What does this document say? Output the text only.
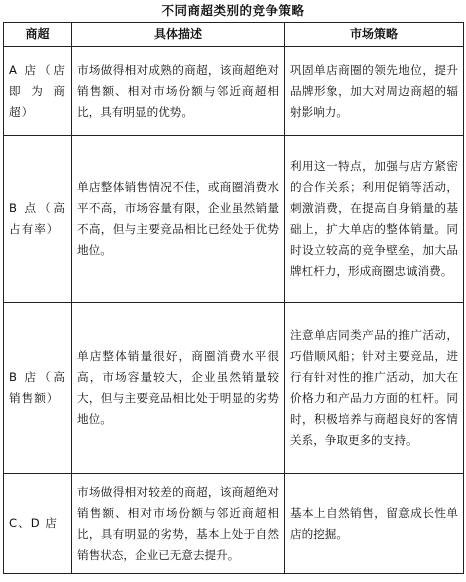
不同商超类别的竞争策略
商超	具体描述	市场策略
A 店（店即为商超）	市场做得相对成熟的商超，该商超绝对销售额、相对市场份额与邻近商超相比，具有明显的优势。	巩固单店商圈的领先地位，提升品牌形象，加大对周边商超的辐射影响力。
B 点（高占有率）	单店整体销售情况不佳，或商圈消费水平不高，市场容量有限，企业虽然销量不高，但与主要竞品相比已经处于优势地位。	利用这一特点，加强与店方紧密的合作关系；利用促销等活动，刺激消费，在提高自身销量的基础上，扩大单店的整体销量。同时设立较高的竞争壁垒，加大品牌杠杆力，形成商圈忠诚消费。
B 店（高销售额）	单店整体销量很好，商圈消费水平很高，市场容量较大，企业虽然销量较大，但与主要竞品相比处于明显的劣势地位。	注意单店同类产品的推广活动，巧借顺风船；针对主要竞品，进行有针对性的推广活动，加大在价格力和产品力方面的杠杆。同时，积极培养与商超良好的客情关系，争取更多的支持。
C、D 店	市场做得相对较差的商超，该商超绝对销售额、相对市场份额与邻近商超相比，具有明显的劣势，基本上处于自然销售状态，企业已无意去提升。	基本上自然销售，留意成长性单店的挖掘。
